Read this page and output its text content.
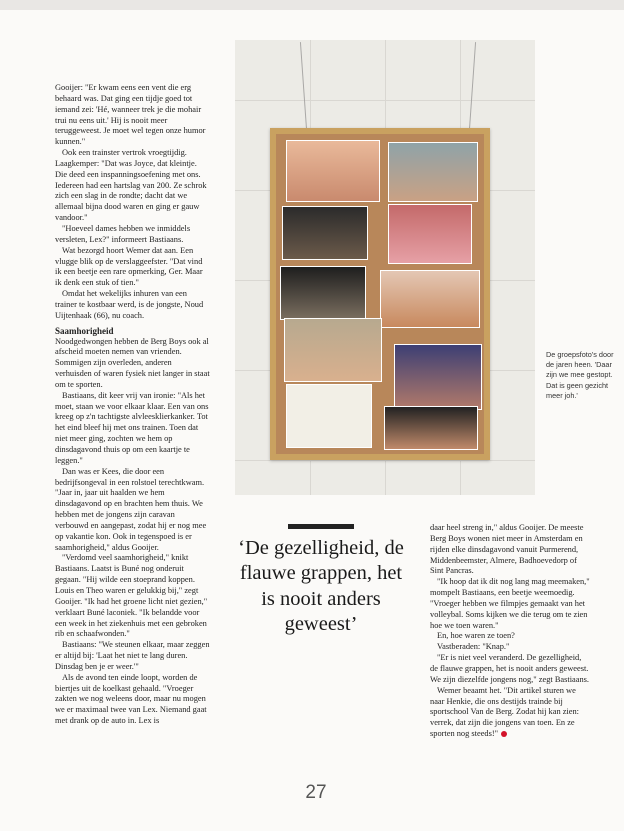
Gooijer: "Er kwam eens een vent die erg behaard was. Dat ging een tijdje goed tot iemand zei: 'Hé, wanneer trek je die mohair trui nu eens uit.' Hij is nooit meer teruggeweest. Je moet wel tegen onze humor kunnen."

Ook een trainster vertrok vroegtijdig. Laagkemper: "Dat was Joyce, dat kleintje. Die deed een inspanningsoefening met ons. Iedereen had een hartslag van 200. Ze schrok zich een slag in de rondte; dacht dat we allemaal bijna dood waren en ging er gauw vandoor."

"Hoeveel dames hebben we inmiddels versleten, Lex?" informeert Bastiaans.

Wat bezorgd hoort Wemer dat aan. Een vlugge blik op de verslaggeefster. "Dat vind ik een beetje een rare opmerking, Ger. Maar ik denk een stuk of tien."

Omdat het wekelijks inhuren van een trainer te kostbaar werd, is de jongste, Noud Uijtenhaak (66), nu coach.

Saamhorigheid

Noodgedwongen hebben de Berg Boys ook al afscheid moeten nemen van vrienden. Sommigen zijn overleden, anderen verhuisden of waren fysiek niet langer in staat om te sporten.

Bastiaans, dit keer vrij van ironie: "Als het moet, staan we voor elkaar klaar. Een van ons kreeg op z'n tachtigste alvleesklierkanker. Tot het eind bleef hij met ons trainen. Toen dat niet meer ging, zochten we hem op dinsdagavond thuis op om een kaartje te leggen."

Dan was er Kees, die door een bedrijfsongeval in een rolstoel terechtkwam. "Jaar in, jaar uit haalden we hem dinsdagavond op en brachten hem thuis. We hebben met de jongens zijn caravan verbouwd en aangepast, zodat hij er nog mee op vakantie kon. Ook in tegenspoed is er saamhorigheid," aldus Gooijer.

"Verdomd veel saamhorigheid," knikt Bastiaans. Laatst is Buné nog onderuit gegaan. "Hij wilde een stoeprand koppen. Louis en Theo waren er gelukkig bij," zegt Gooijer. "Ik had het groene licht niet gezien," verklaart Buné laconiek. "Ik belandde voor een week in het ziekenhuis met een gebroken rib en schaafwonden."

Bastiaans: "We steunen elkaar, maar zeggen er altijd bij: 'Laat het niet te lang duren. Dinsdag ben je er weer.'"

Als de avond ten einde loopt, worden de biertjes uit de koelkast gehaald. "Vroeger zakten we nog weleens door, maar nu mogen we er maximaal twee van Lex. Niemand gaat met drank op de auto in. Lex is

De groepsfoto's door de jaren heen. 'Daar zijn we mee gestopt. Dat is geen gezicht meer joh.'
‘De gezelligheid, de flauwe grappen, het is nooit anders geweest’

daar heel streng in," aldus Gooijer. De meeste Berg Boys wonen niet meer in Amsterdam en rijden elke dinsdagavond vanuit Purmerend, Middenbeemster, Almere, Badhoevedorp of Sint Pancras.

"Ik hoop dat ik dit nog lang mag meemaken," mompelt Bastiaans, een beetje weemoedig. "Vroeger hebben we filmpjes gemaakt van het volleybal. Soms kijken we die terug om te zien hoe we toen waren."

En, hoe waren ze toen?

Vastberaden: "Knap."

"Er is niet veel veranderd. De gezelligheid, de flauwe grappen, het is nooit anders geweest. We zijn diezelfde jongens nog," zegt Bastiaans.

Wemer beaamt het. "Dit artikel sturen we naar Henkie, die ons destijds trainde bij sportschool Van de Berg. Zodat hij kan zien: verrek, dat zijn die jongens van toen. En ze sporten nog steeds!"

27
